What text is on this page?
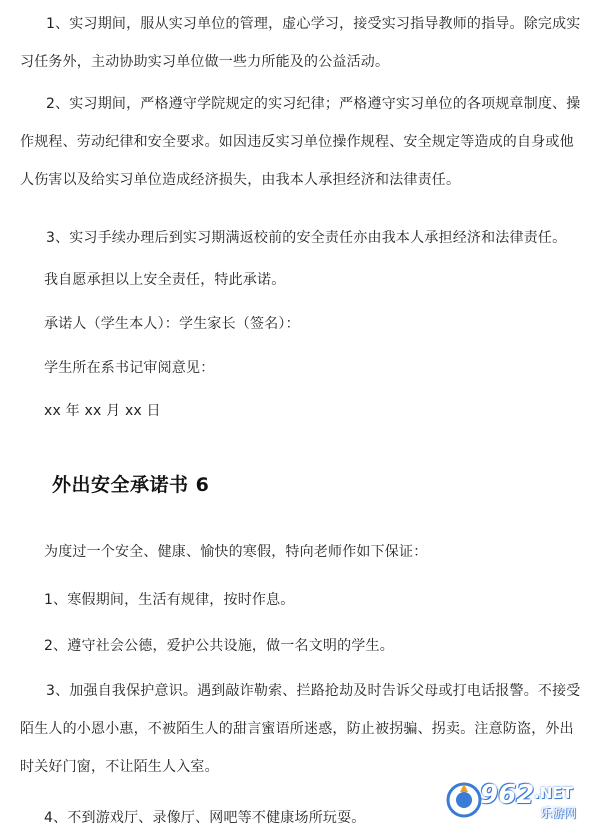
1、实习期间，服从实习单位的管理，虚心学习，接受实习指导教师的指导。除完成实习任务外，主动协助实习单位做一些力所能及的公益活动。
2、实习期间，严格遵守学院规定的实习纪律；严格遵守实习单位的各项规章制度、操作规程、劳动纪律和安全要求。如因违反实习单位操作规程、安全规定等造成的自身或他人伤害以及给实习单位造成经济损失，由我本人承担经济和法律责任。
3、实习手续办理后到实习期满返校前的安全责任亦由我本人承担经济和法律责任。
我自愿承担以上安全责任，特此承诺。
承诺人（学生本人）：学生家长（签名）：
学生所在系书记审阅意见：
xx 年 xx 月 xx 日
外出安全承诺书 6
为度过一个安全、健康、愉快的寒假，特向老师作如下保证：
1、寒假期间，生活有规律，按时作息。
2、遵守社会公德，爱护公共设施，做一名文明的学生。
3、加强自我保护意识。遇到敲诈勒索、拦路抢劫及时告诉父母或打电话报警。不接受陌生人的小恩小惠，不被陌生人的甜言蜜语所迷惑，防止被拐骗、拐卖。注意防盗，外出时关好门窗，不让陌生人入室。
4、不到游戏厅、录像厅、网吧等不健康场所玩耍。
962 .NET
乐游网
